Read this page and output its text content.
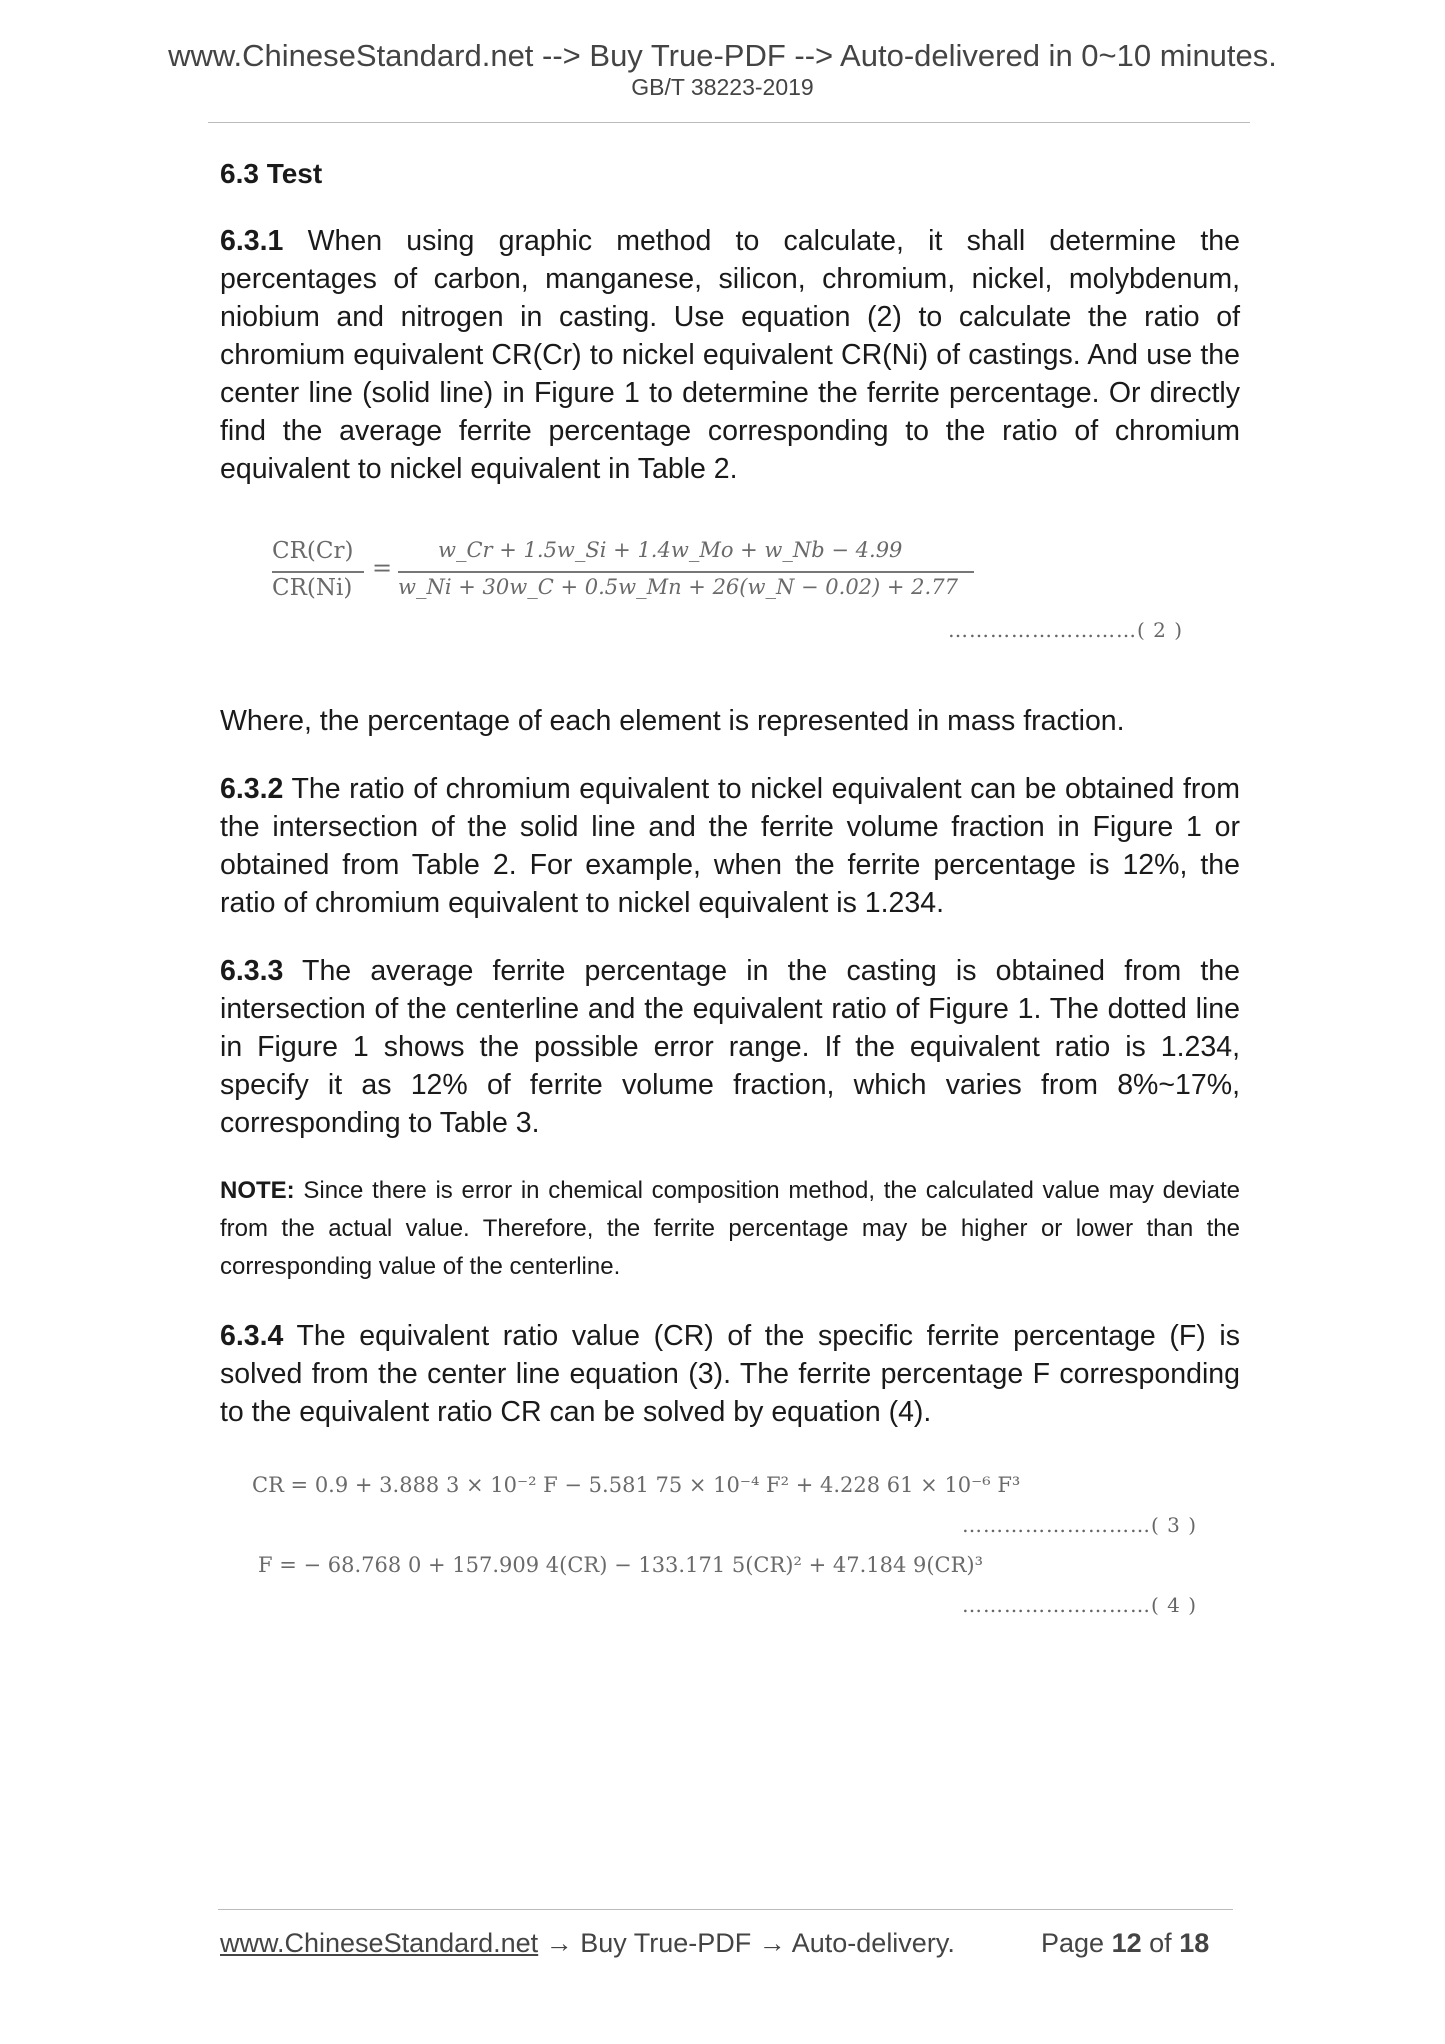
www.ChineseStandard.net --> Buy True-PDF --> Auto-delivered in 0~10 minutes.
GB/T 38223-2019
6.3 Test

6.3.1 When using graphic method to calculate, it shall determine the percentages of carbon, manganese, silicon, chromium, nickel, molybdenum, niobium and nitrogen in casting. Use equation (2) to calculate the ratio of chromium equivalent CR(Cr) to nickel equivalent CR(Ni) of castings. And use the center line (solid line) in Figure 1 to determine the ferrite percentage. Or directly find the average ferrite percentage corresponding to the ratio of chromium equivalent to nickel equivalent in Table 2.

CR(Cr)
CR(Ni)
=
w_Cr + 1.5w_Si + 1.4w_Mo + w_Nb − 4.99
w_Ni + 30w_C + 0.5w_Mn + 26(w_N − 0.02) + 2.77
………………………( 2 )

Where, the percentage of each element is represented in mass fraction.

6.3.2 The ratio of chromium equivalent to nickel equivalent can be obtained from the intersection of the solid line and the ferrite volume fraction in Figure 1 or obtained from Table 2. For example, when the ferrite percentage is 12%, the ratio of chromium equivalent to nickel equivalent is 1.234.

6.3.3 The average ferrite percentage in the casting is obtained from the intersection of the centerline and the equivalent ratio of Figure 1. The dotted line in Figure 1 shows the possible error range. If the equivalent ratio is 1.234, specify it as 12% of ferrite volume fraction, which varies from 8%~17%, corresponding to Table 3.

NOTE: Since there is error in chemical composition method, the calculated value may deviate from the actual value. Therefore, the ferrite percentage may be higher or lower than the corresponding value of the centerline.

6.3.4 The equivalent ratio value (CR) of the specific ferrite percentage (F) is solved from the center line equation (3). The ferrite percentage F corresponding to the equivalent ratio CR can be solved by equation (4).

CR = 0.9 + 3.888 3 × 10⁻² F − 5.581 75 × 10⁻⁴ F² + 4.228 61 × 10⁻⁶ F³
………………………( 3 )
F = − 68.768 0 + 157.909 4(CR) − 133.171 5(CR)² + 47.184 9(CR)³
………………………( 4 )
www.ChineseStandard.net → Buy True-PDF → Auto-delivery.	Page 12 of 18
